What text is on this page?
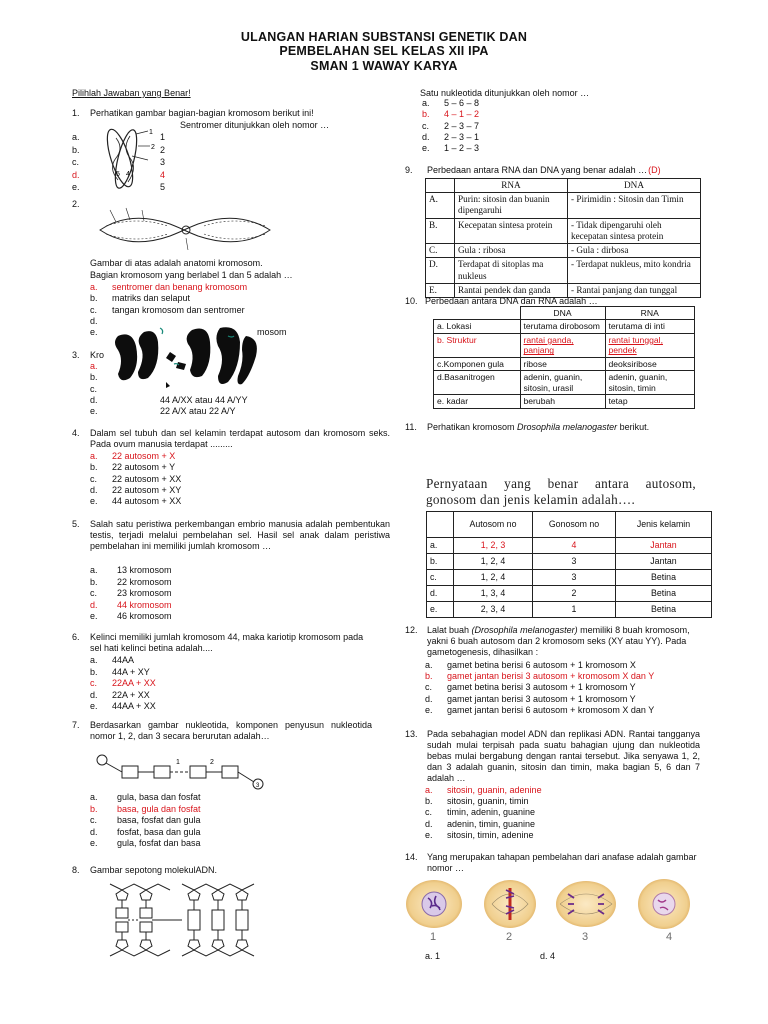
ULANGAN HARIAN SUBSTANSI GENETIK DAN
PEMBELAHAN SEL KELAS XII IPA
SMAN 1 WAWAY KARYA
Pilihlah Jawaban yang Benar!
1.	Perhatikan gambar bagian-bagian kromosom berikut ini!
Sentromer ditunjukkan oleh nomor …
a.
b.
c.
d.
e.
1
2
3
4
5
5 4
1
2
2.
Gambar di atas adalah anatomi kromosom.
Bagian kromosom yang berlabel 1 dan 5 adalah …
a.	sentromer dan benang kromosom
b.	matriks dan selaput
c.	tangan kromosom dan sentromer
d.
e.	mosom
3. Kro
a.
b.
c.
d.	44 A/XX atau 44 A/YY
e.	22 A/X atau 22 A/Y
4.	Dalam sel tubuh dan sel kelamin terdapat autosom dan kromosom seks. Pada ovum manusia terdapat .........
a.	22 autosom + X
b.	22 autosom + Y
c.	22 autosom + XX
d.	22 autosom + XY
e.	44 autosom + XX
5.	Salah satu peristiwa perkembangan embrio manusia adalah pembentukan testis, terjadi melalui pembelahan sel. Hasil sel anak dalam peristiwa pembelahan ini memiliki jumlah kromosom …
a.	13 kromosom
b.	22 kromosom
c.	23 kromosom
d.	44 kromosom
e.	46 kromosom
6.	Kelinci memiliki jumlah kromosom 44, maka kariotip kromosom pada sel hati kelinci betina adalah....
a.	44AA
b.	44A + XY
c.	22AA + XX
d.	22A + XX
e.	44AA + XX
7.	Berdasarkan gambar nukleotida, komponen penyusun nukleotida nomor 1, 2, dan 3 secara berurutan adalah…
1	2
3
a.	gula, basa dan fosfat
b.	basa, gula dan fosfat
c.	basa, fosfat dan gula
d.	fosfat, basa dan gula
e.	gula, fosfat dan basa
8.	Gambar sepotong molekulADN.
Satu nukleotida ditunjukkan oleh nomor …
a.	5 – 6 – 8
b.	4 – 1 – 2
c.	2 – 3 – 7
d.	2 – 3 – 1
e.	1 – 2 – 3
9.	Perbedaan antara RNA dan DNA yang benar adalah … (D)
	RNA	DNA
A.	Purin: sitosin dan buanin dipengaruhi	- Pirimidin : Sitosin dan Timin
B.	Kecepatan sintesa protein	- Tidak dipengaruhi oleh kecepatan sintesa protein
C.	Gula : ribosa	- Gula : dirbosa
D.	Terdapat di sitoplas ma nukleus	- Terdapat nukleus, mito kondria
E.	Rantai pendek dan ganda	- Rantai panjang dan tunggal
10. Perbedaan antara DNA dan RNA adalah …
	DNA	RNA
a. Lokasi	terutama dirobosom	terutama di inti
b. Struktur	rantai ganda, panjang	rantai tunggal, pendek
c.Komponen gula	ribose	deoksiribose
d.Basanitrogen	adenin, guanin, sitosin, urasil	adenin, guanin, sitosin, timin
e. kadar	berubah	tetap
11.	Perhatikan kromosom Drosophila melanogaster berikut.
Pernyataan yang benar antara autosom, gonosom dan jenis kelamin adalah….
	Autosom no	Gonosom no	Jenis kelamin
a.	1, 2, 3	4	Jantan
b.	1, 2, 4	3	Jantan
c.	1, 2, 4	3	Betina
d.	1, 3, 4	2	Betina
e.	2, 3, 4	1	Betina
12.	Lalat buah (Drosophila melanogaster) memiliki 8 buah kromosom, yakni 6 buah autosom dan 2 kromosom seks (XY atau YY). Pada gametogenesis, dihasilkan :
a.	gamet betina berisi 6 autosom + 1 kromosom X
b.	gamet jantan berisi 3 autosom + kromosom X dan Y
c.	gamet betina berisi 3 autosom + 1 kromosom Y
d.	gamet jantan berisi 3 autosom + 1 kromosom Y
e.	gamet jantan berisi 6 autosom + kromosom X dan Y
13.	Pada sebahagian model ADN dan replikasi ADN. Rantai tangganya sudah mulai terpisah pada suatu bahagian ujung dan nukleotida bebas mulai bergabung dengan rantai tersebut. Jika senyawa 1, 2, dan 3 adalah guanin, sitosin dan timin, maka bagian 5, 6 dan 7 adalah …
a.	sitosin, guanin, adenine
b.	sitosin, guanin, timin
c.	timin, adenin, guanine
d.	adenin, timin, guanine
e.	sitosin, timin, adenine
14.	Yang merupakan tahapan pembelahan dari anafase adalah gambar nomor …
1	2	3	4
a. 1	d. 4
